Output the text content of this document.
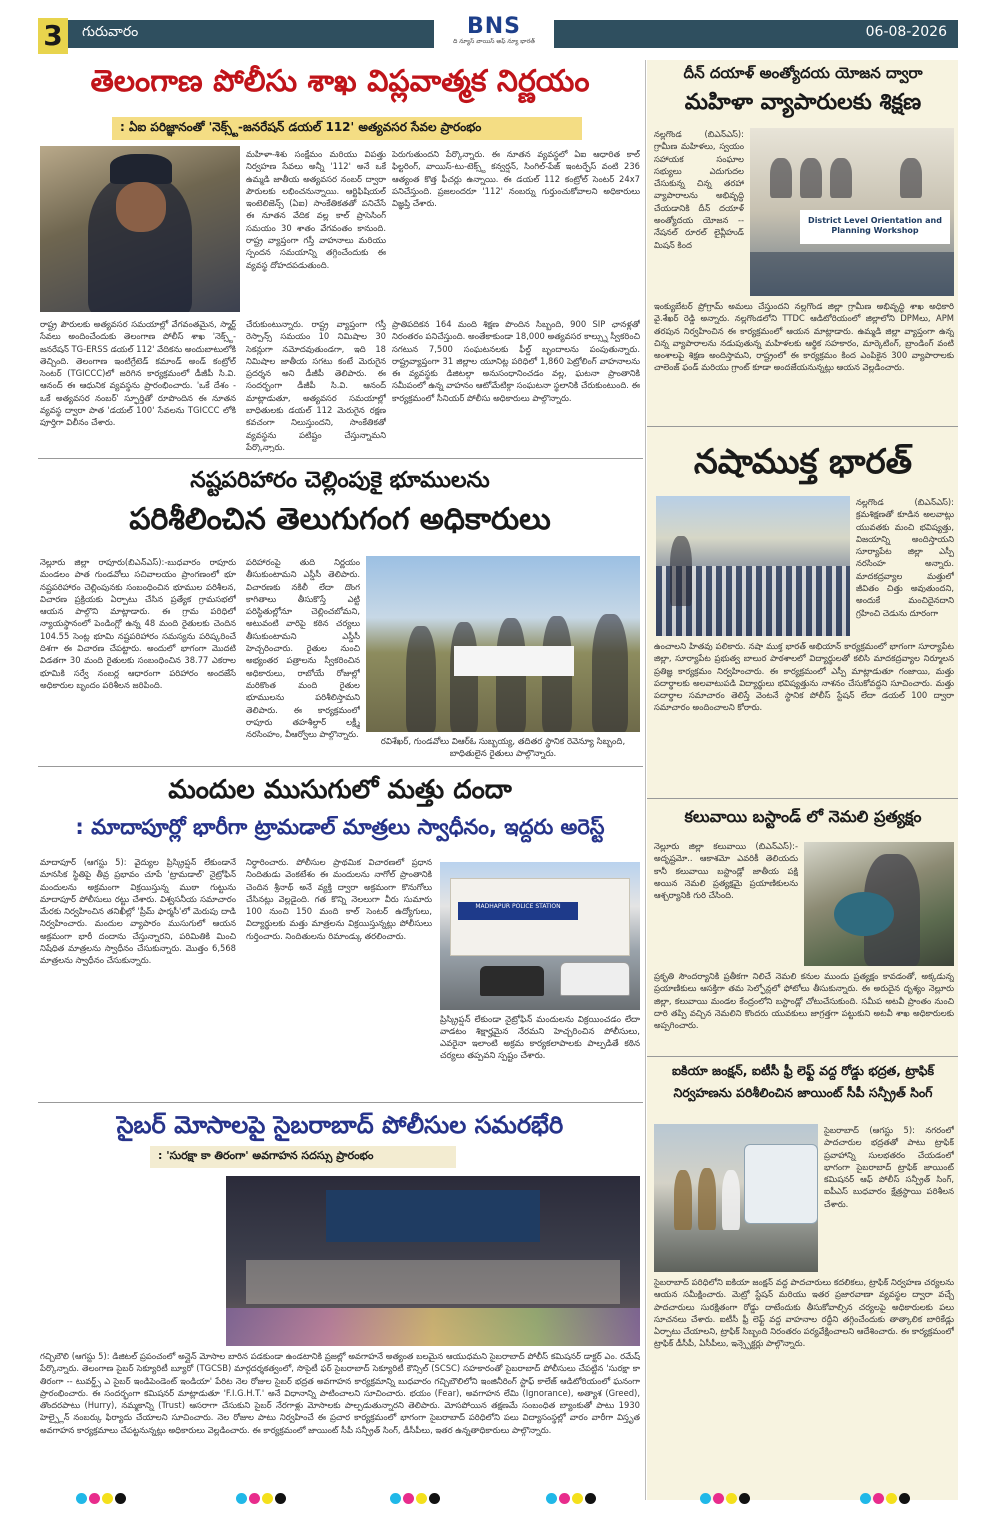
3	గురువారం	BNS
ది న్యూస్ వాయిస్ అఫ్ న్యూ భారత్
06-08-2026
తెలంగాణ పోలీసు శాఖ విప్లవాత్మక నిర్ణయం
: ఏఐ పరిజ్ఞానంతో 'నెక్స్ట్-జనరేషన్ డయల్ 112' అత్యవసర సేవల ప్రారంభం
మహిళా-శిశు సంక్షేమం మరియు విపత్తు నిర్వహణ సేవలు అన్నీ '112' అనే ఒకే ఉమ్మడి జాతీయ అత్యవసర నంబర్ ద్వారా పౌరులకు లభించనున్నాయి. ఆర్టిఫిషియల్ ఇంటెలిజెన్స్ (ఏఐ) సాంకేతికతతో పనిచేసే ఈ నూతన వేదిక వల్ల కాల్ ప్రాసెసింగ్ సమయం 30 శాతం వేగవంతం కానుంది. రాష్ట్ర వ్యాప్తంగా గస్తీ వాహనాలు మరియు స్పందన సమయాన్ని తగ్గించేందుకు ఈ వ్యవస్థ దోహదపడుతుంది.
పెరుగుతుందని పేర్కొన్నారు. ఈ నూతన వ్యవస్థలో ఏఐ ఆధారిత కాల్ ఫిల్టరింగ్, వాయిస్-టు-టెక్స్ట్ కన్వర్షన్, సింగిల్-పేజ్ ఇంటర్ఫేస్ వంటి 236 ఆత్యంత కొత్త ఫీచర్లు ఉన్నాయి. ఈ డయల్ 112 కంట్రోల్ సెంటర్ 24x7 పనిచేస్తుంది. ప్రజలందరూ '112' నంబర్ను గుర్తుంచుకోవాలని అధికారులు విజ్ఞప్తి చేశారు.
రాష్ట్ర పౌరులకు అత్యవసర సమయాల్లో వేగవంతమైన, స్మార్ట్ సేవలు అందించేందుకు తెలంగాణ పోలీస్ శాఖ 'నెక్స్ట్-జనరేషన్ TG-ERSS డయల్ 112' వేదికను అందుబాటులోకి తెచ్చింది. తెలంగాణ ఇంటిగ్రేటెడ్ కమాండ్ అండ్ కంట్రోల్ సెంటర్ (TGICCC)లో జరిగిన కార్యక్రమంలో డీజీపీ సి.వి. ఆనంద్ ఈ ఆధునిక వ్యవస్థను ప్రారంభించారు. 'ఒకే దేశం - ఒకే అత్యవసర నంబర్' స్ఫూర్తితో రూపొందిన ఈ నూతన వ్యవస్థ ద్వారా పాత 'డయల్ 100' సేవలను TGICCC లోకి పూర్తిగా విలీనం చేశారు.
చేరుకుంటున్నారు. రాష్ట్ర వ్యాప్తంగా గస్తీ రెస్పాన్స్ సమయం 10 నిమిషాల 30 సెకన్లుగా నమోదవుతుండగా, ఇది 18 నిమిషాల జాతీయ సగటు కంటే మెరుగైన ప్రదర్శన అని డీజీపీ తెలిపారు. ఈ సందర్భంగా డీజీపీ సి.వి. ఆనంద్ మాట్లాడుతూ, అత్యవసర సమయాల్లో బాధితులకు డయల్ 112 మెరుగైన రక్షణ కవచంగా నిలుస్తుందని, సాంకేతికతో వ్యవస్థను పటిష్టం చేస్తున్నామని పేర్కొన్నారు.
ప్రాతిపదికన 164 మంది శిక్షణ పొందిన సిబ్బంది, 900 SIP ఛానళ్లతో నిరంతరం పనిచేస్తుంది. అంతేకాకుండా 18,000 అత్యవసర కాల్స్ను స్వీకరించి సగటున 7,500 సంఘటనలకు ఫీల్డ్ బృందాలను పంపుతున్నారు. రాష్ట్రవ్యాప్తంగా 31 జిల్లాల యూనిట్ల పరిధిలో 1,860 పెట్రోలింగ్ వాహనాలను ఈ వ్యవస్థకు డిజిటల్గా అనుసంధానించడం వల్ల, ఘటనా ప్రాంతానికి సమీపంలో ఉన్న వాహనం ఆటోమేటిక్గా సంఘటనా స్థలానికి చేరుకుంటుంది. ఈ కార్యక్రమంలో సీనియర్ పోలీసు అధికారులు పాల్గొన్నారు.
నష్టపరిహారం చెల్లింపుకై భూములను
పరిశీలించిన తెలుగుగంగ అధికారులు
నెల్లూరు జిల్లా రాపూరు(బిఎన్ఎస్):-బుధవారం రాపూరు మండలం పాత గుండవోలు సచివాలయం ప్రాంగణంలో భూ నష్టపరిహారం చెల్లింపునకు సంబంధించిన భూముల పరిశీలన, విచారణ ప్రక్రియకు ఏర్పాటు చేసిన ప్రత్యేక గ్రామసభలో ఆయన పాల్గొని మాట్లాడారు. ఈ గ్రామ పరిధిలో న్యాయస్థానంలో పెండింగ్లో ఉన్న 48 మంది రైతులకు చెందిన 104.55 సెంట్ల భూమి నష్టపరిహారం సమస్యను పరిష్కరించే దిశగా ఈ విచారణ చేపట్టారు. అందులో భాగంగా మొదటి విడతగా 30 మంది రైతులకు సంబంధించిన 38.77 ఎకరాల భూమికి సర్వే నంబర్ల ఆధారంగా పరిహారం అందజేసే అధికారుల బృందం పరిశీలన జరిపింది.
పరిహారంపై తుది నిర్ణయం తీసుకుంటామని ఎస్డీసీ తెలిపారు. విచారణకు నకిలీ లేదా దొంగ కాగితాలు తీసుకొస్తే ఎట్టి పరిస్థితుల్లోనూ చెల్లించబోమని, అటువంటి వారిపై కఠిన చర్యలు తీసుకుంటామని ఎస్డీసీ హెచ్చరించారు. రైతుల నుంచి అభ్యంతర పత్రాలను స్వీకరించిన అధికారులు, రాబోయే రోజుల్లో మరికొంత మంది రైతుల భూములను పరిశీలిస్తామని తెలిపారు. ఈ కార్యక్రమంలో రాపూరు తహశీల్దార్ లక్ష్మీ నరసింహం, వీఆర్వోలు పాల్గొన్నారు.
రవిశేఖర్, గుండవోలు విఆర్ఓ సుబ్బయ్య, తదితర స్థానిక రెవెన్యూ సిబ్బంది, బాధితులైన రైతులు పాల్గొన్నారు.
మందుల ముసుగులో మత్తు దందా
: మాదాపూర్లో భారీగా ట్రామడాల్ మాత్రలు స్వాధీనం, ఇద్దరు అరెస్ట్
మాదాపూర్ (ఆగస్టు 5): వైద్యుల ప్రిస్క్రిప్షన్ లేకుండానే మానసిక స్థితిపై తీవ్ర ప్రభావం చూపే 'ట్రామడాల్' నైట్రోఫిన్ మందులను అక్రమంగా విక్రయిస్తున్న ముఠా గుట్టును మాదాపూర్ పోలీసులు రట్టు చేశారు. విశ్వసనీయ సమాచారం మేరకు నిర్వహించిన తనిఖీల్లో 'ప్రీమ్ ఫార్మసీ'లో మెరుపు దాడి నిర్వహించారు. మందుల వ్యాపారం ముసుగులో ఆయన అక్రమంగా భారీ దందాను చేస్తున్నారని, పరిమితికి మించి నిషేధిత మాత్రలను స్వాధీనం చేసుకున్నారు. మొత్తం 6,568 మాత్రలను స్వాధీనం చేసుకున్నారు.
నిర్ధారించారు. పోలీసుల ప్రాథమిక విచారణలో ప్రధాన నిందితుడు వెంకటేశం ఈ మందులను నాగోల్ ప్రాంతానికి చెందిన శ్రీనాథ్ అనే వ్యక్తి ద్వారా అక్రమంగా కొనుగోలు చేసినట్లు వెల్లడైంది. గత కొన్ని నెలలుగా వీరు సుమారు 100 నుంచి 150 మంది కాల్ సెంటర్ ఉద్యోగులు, విద్యార్థులకు మత్తు మాత్రలను విక్రయిస్తున్నట్లు పోలీసులు గుర్తించారు. నిందితులను రిమాండ్కు తరలించారు.
MADHAPUR POLICE STATION
ప్రిస్క్రిప్షన్ లేకుండా నైట్రోఫిన్ మందులను విక్రయించడం లేదా వాడటం శిక్షార్హమైన నేరమని హెచ్చరించిన పోలీసులు, ఎవరైనా ఇలాంటి అక్రమ కార్యకలాపాలకు పాల్పడితే కఠిన చర్యలు తప్పవని స్పష్టం చేశారు.
సైబర్ మోసాలపై సైబరాబాద్ పోలీసుల సమరభేరి
: 'సురక్షా కా తిరంగా' అవగాహన సదస్సు ప్రారంభం
గచ్చిబౌలి (ఆగస్టు 5): డిజిటల్ ప్రపంచంలో అన్లైన్ మోసాల బారిన పడకుండా ఉండటానికి ప్రజల్లో అవగాహనే అత్యంత బలమైన ఆయుధమని సైబరాబాద్ పోలీస్ కమిషనర్ డాక్టర్ ఎం. రమేష్ పేర్కొన్నారు. తెలంగాణ సైబర్ సెక్యూరిటీ బ్యూరో (TGCSB) మార్గదర్శకత్వంలో, సొసైటీ ఫర్ సైబరాబాద్ సెక్యూరిటీ కౌన్సిల్ (SCSC) సహకారంతో సైబరాబాద్ పోలీసులు చేపట్టిన 'సురక్షా కా తిరంగా -- టువర్డ్స్ ఎ సైబర్ ఇండిపెండెంట్ ఇండియా' పేరిట నెల రోజుల సైబర్ భద్రత అవగాహన కార్యక్రమాన్ని బుధవారం గచ్చిబౌలిలోని ఇంజినీరింగ్ స్టాఫ్ కాలేజ్ ఆడిటోరియంలో ఘనంగా ప్రారంభించారు. ఈ సందర్భంగా కమిషనర్ మాట్లాడుతూ 'F.I.G.H.T.' అనే విధానాన్ని పాటించాలని సూచించారు. భయం (Fear), అవగాహన లేమి (Ignorance), అత్యాశ (Greed), తొందరపాటు (Hurry), నమ్మకాన్ని (Trust) ఆసరాగా చేసుకుని సైబర్ నేరగాళ్లు మోసాలకు పాల్పడుతున్నారని తెలిపారు. మోసపోయిన తక్షణమే సంబంధిత బ్యాంకుతో పాటు 1930 హెల్ప్లైన్ నంబర్కు ఫిర్యాదు చేయాలని సూచించారు. నెల రోజుల పాటు నిర్వహించే ఈ ప్రచార కార్యక్రమంలో భాగంగా సైబరాబాద్ పరిధిలోని పలు విద్యాసంస్థల్లో వారం వారీగా విస్తృత అవగాహన కార్యక్రమాలు చేపట్టనున్నట్లు అధికారులు వెల్లడించారు. ఈ కార్యక్రమంలో జాయింట్ సీపీ సన్ప్రీత్ సింగ్, డీసీపీలు, ఇతర ఉన్నతాధికారులు పాల్గొన్నారు.
దీన్ దయాళ్ అంత్యోదయ యోజన ద్వారా
మహిళా వ్యాపారులకు శిక్షణ
నల్లగొండ (బిఎన్ఎస్): గ్రామీణ మహిళలు, స్వయం సహాయక సంఘాల సభ్యులు ఎదుగుదల చేసుకున్న చిన్న తరహా వ్యాపారాలను అభివృద్ధి చేయడానికి దీన్ దయాళ్ అంత్యోదయ యోజన -- నేషనల్ రూరల్ లైవ్లీహుడ్ మిషన్ కింద
District Level Orientation and Planning Workshop
ఇంక్యుబేటర్ ప్రోగ్రామ్ అమలు చేస్తుందని నల్లగొండ జిల్లా గ్రామీణ అభివృద్ధి శాఖ అధికారి వై.శేఖర్ రెడ్డి అన్నారు. నల్లగొండలోని TTDC ఆడిటోరియంలో జిల్లాలోని DPMలు, APM తరపున నిర్వహించిన ఈ కార్యక్రమంలో ఆయన మాట్లాడారు. ఉమ్మడి జిల్లా వ్యాప్తంగా ఉన్న చిన్న వ్యాపారాలను నడుపుతున్న మహిళలకు ఆర్థిక సహకారం, మార్కెటింగ్, బ్రాండింగ్ వంటి అంశాలపై శిక్షణ అందిస్తామని, రాష్ట్రంలో ఈ కార్యక్రమం కింద ఎంపికైన 300 వ్యాపారాలకు చాలెంజ్ ఫండ్ మరియు గ్రాంట్ కూడా అందజేయనున్నట్లు ఆయన వెల్లడించారు.
నషాముక్త భారత్
నల్లగొండ (బిఎన్ఎస్): క్రమశిక్షణతో కూడిన అలవాట్లు యువతకు మంచి భవిష్యత్తు, విజయాన్ని అందిస్తాయని సూర్యాపేట జిల్లా ఎస్పీ నరసింహ అన్నారు. మాదకద్రవ్యాల మత్తులో జీవితం చిత్తు అవుతుందని, అందుకే మంచిదైనదాని గ్రహించి చెడును దూరంగా
ఉంచాలని హితవు పలికారు. నషా ముక్త భారత్ అభియాన్ కార్యక్రమంలో భాగంగా సూర్యాపేట జిల్లా, సూర్యాపేట ప్రభుత్వ బాలుర పాఠశాలలో విద్యార్థులతో కలిసి మాదకద్రవ్యాల నిర్మూలన ప్రతిజ్ఞ కార్యక్రమం నిర్వహించారు. ఈ కార్యక్రమంలో ఎస్పీ మాట్లాడుతూ గంజాయి, మత్తు పదార్థాలకు అలవాటుపడి విద్యార్థులు భవిష్యత్తును నాశనం చేసుకోవద్దని సూచించారు. మత్తు పదార్థాల సమాచారం తెలిస్తే వెంటనే స్థానిక పోలీస్ స్టేషన్ లేదా డయల్ 100 ద్వారా సమాచారం అందించాలని కోరారు.
కలువాయి బస్టాండ్ లో నెమలి ప్రత్యక్షం
నెల్లూరు జిల్లా కలువాయి (బిఎన్ఎస్):- అదృష్టమో.. ఆకాశమో ఎవరికీ తెలియదు కానీ కలువాయి బస్టాండ్లో జాతీయ పక్షి అయిన నెమలి ప్రత్యక్షమై ప్రయాణికులను ఆశ్చర్యానికి గురి చేసింది.
ప్రకృతి సౌందర్యానికి ప్రతీకగా నిలిచే నెమలి కనుల ముందు ప్రత్యక్షం కావడంతో, అక్కడున్న ప్రయాణికులు ఆసక్తిగా తమ సెల్ఫోన్లలో ఫోటోలు తీసుకున్నారు. ఈ అరుదైన దృశ్యం నెల్లూరు జిల్లా, కలువాయి మండల కేంద్రంలోని బస్టాండ్లో చోటుచేసుకుంది. సమీప అటవీ ప్రాంతం నుంచి దారి తప్పి వచ్చిన నెమలిని కొందరు యువకులు జాగ్రత్తగా పట్టుకుని అటవీ శాఖ అధికారులకు అప్పగించారు.
ఐకియా జంక్షన్, ఐటీసీ ఫ్రీ లెఫ్ట్ వద్ద రోడ్డు భద్రత, ట్రాఫిక్ నిర్వహణను పరిశీలించిన జాయింట్ సీపీ సన్ప్రీత్ సింగ్
సైబరాబాద్ (ఆగస్టు 5): నగరంలో పాదచారుల భద్రతతో పాటు ట్రాఫిక్ ప్రవాహాన్ని సులభతరం చేయడంలో భాగంగా సైబరాబాద్ ట్రాఫిక్ జాయింట్ కమిషనర్ ఆఫ్ పోలీస్ సన్ప్రీత్ సింగ్, ఐపీఎస్ బుధవారం క్షేత్రస్థాయి పరిశీలన చేశారు.
సైబరాబాద్ పరిధిలోని ఐకియా జంక్షన్ వద్ద పాదచారులు కదలికలు, ట్రాఫిక్ నిర్వహణ చర్యలను ఆయన సమీక్షించారు. మెట్రో స్టేషన్ మరియు ఇతర ప్రజారవాణా వ్యవస్థల ద్వారా వచ్చే పాదచారులు సురక్షితంగా రోడ్డు దాటేందుకు తీసుకోవాల్సిన చర్యలపై అధికారులకు పలు సూచనలు చేశారు. ఐటీసీ ఫ్రీ లెఫ్ట్ వద్ద వాహనాల రద్దీని తగ్గించేందుకు తాత్కాలిక బారికేడ్లు ఏర్పాటు చేయాలని, ట్రాఫిక్ సిబ్బంది నిరంతరం పర్యవేక్షించాలని ఆదేశించారు. ఈ కార్యక్రమంలో ట్రాఫిక్ డీసీపీ, ఏసీపీలు, ఇన్స్పెక్టర్లు పాల్గొన్నారు.
